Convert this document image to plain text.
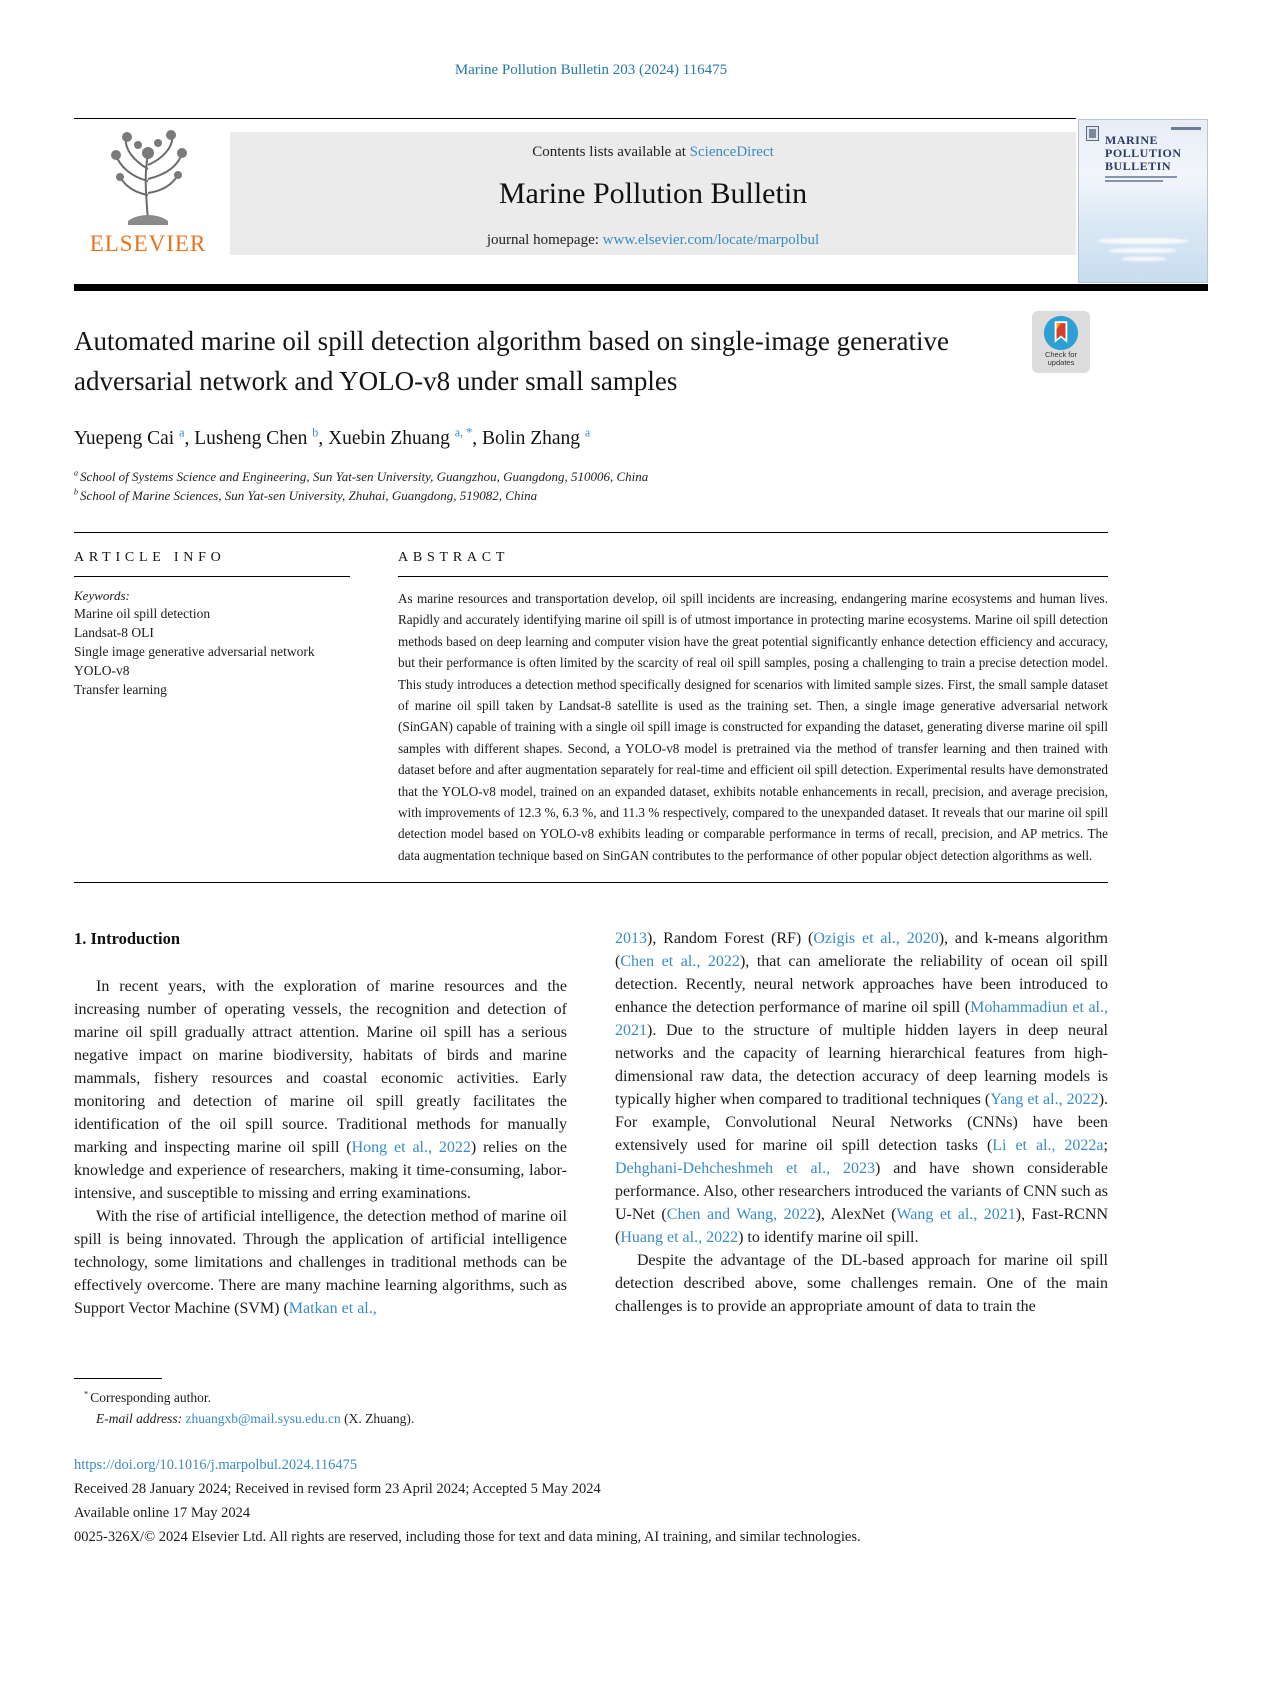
Marine Pollution Bulletin 203 (2024) 116475
ELSEVIER
Contents lists available at ScienceDirect
Marine Pollution Bulletin
journal homepage: www.elsevier.com/locate/marpolbul
MARINE POLLUTION BULLETIN
Automated marine oil spill detection algorithm based on single-image generative adversarial network and YOLO-v8 under small samples
Check for
updates
Yuepeng Cai $^a$, Lusheng Chen $^b$, Xuebin Zhuang $^{a, *}$, Bolin Zhang $^a$
$^a$ School of Systems Science and Engineering, Sun Yat-sen University, Guangzhou, Guangdong, 510006, China
$^b$ School of Marine Sciences, Sun Yat-sen University, Zhuhai, Guangdong, 519082, China
ARTICLE INFO
Keywords:
Marine oil spill detection
Landsat-8 OLI
Single image generative adversarial network
YOLO-v8
Transfer learning
ABSTRACT
As marine resources and transportation develop, oil spill incidents are increasing, endangering marine ecosystems and human lives. Rapidly and accurately identifying marine oil spill is of utmost importance in protecting marine ecosystems. Marine oil spill detection methods based on deep learning and computer vision have the great potential significantly enhance detection efficiency and accuracy, but their performance is often limited by the scarcity of real oil spill samples, posing a challenging to train a precise detection model. This study introduces a detection method specifically designed for scenarios with limited sample sizes. First, the small sample dataset of marine oil spill taken by Landsat-8 satellite is used as the training set. Then, a single image generative adversarial network (SinGAN) capable of training with a single oil spill image is constructed for expanding the dataset, generating diverse marine oil spill samples with different shapes. Second, a YOLO-v8 model is pretrained via the method of transfer learning and then trained with dataset before and after augmentation separately for real-time and efficient oil spill detection. Experimental results have demonstrated that the YOLO-v8 model, trained on an expanded dataset, exhibits notable enhancements in recall, precision, and average precision, with improvements of 12.3 %, 6.3 %, and 11.3 % respectively, compared to the unexpanded dataset. It reveals that our marine oil spill detection model based on YOLO-v8 exhibits leading or comparable performance in terms of recall, precision, and AP metrics. The data augmentation technique based on SinGAN contributes to the performance of other popular object detection algorithms as well.
1. Introduction

In recent years, with the exploration of marine resources and the increasing number of operating vessels, the recognition and detection of marine oil spill gradually attract attention. Marine oil spill has a serious negative impact on marine biodiversity, habitats of birds and marine mammals, fishery resources and coastal economic activities. Early monitoring and detection of marine oil spill greatly facilitates the identification of the oil spill source. Traditional methods for manually marking and inspecting marine oil spill (Hong et al., 2022) relies on the knowledge and experience of researchers, making it time-consuming, labor-intensive, and susceptible to missing and erring examinations.

With the rise of artificial intelligence, the detection method of marine oil spill is being innovated. Through the application of artificial intelligence technology, some limitations and challenges in traditional methods can be effectively overcome. There are many machine learning algorithms, such as Support Vector Machine (SVM) (Matkan et al.,

2013), Random Forest (RF) (Ozigis et al., 2020), and k-means algorithm (Chen et al., 2022), that can ameliorate the reliability of ocean oil spill detection. Recently, neural network approaches have been introduced to enhance the detection performance of marine oil spill (Mohammadiun et al., 2021). Due to the structure of multiple hidden layers in deep neural networks and the capacity of learning hierarchical features from high-dimensional raw data, the detection accuracy of deep learning models is typically higher when compared to traditional techniques (Yang et al., 2022). For example, Convolutional Neural Networks (CNNs) have been extensively used for marine oil spill detection tasks (Li et al., 2022a; Dehghani-Dehcheshmeh et al., 2023) and have shown considerable performance. Also, other researchers introduced the variants of CNN such as U-Net (Chen and Wang, 2022), AlexNet (Wang et al., 2021), Fast-RCNN (Huang et al., 2022) to identify marine oil spill.

Despite the advantage of the DL-based approach for marine oil spill detection described above, some challenges remain. One of the main challenges is to provide an appropriate amount of data to train the

* Corresponding author.
E-mail address: zhuangxb@mail.sysu.edu.cn (X. Zhuang).
https://doi.org/10.1016/j.marpolbul.2024.116475
Received 28 January 2024; Received in revised form 23 April 2024; Accepted 5 May 2024
Available online 17 May 2024
0025-326X/© 2024 Elsevier Ltd. All rights are reserved, including those for text and data mining, AI training, and similar technologies.
